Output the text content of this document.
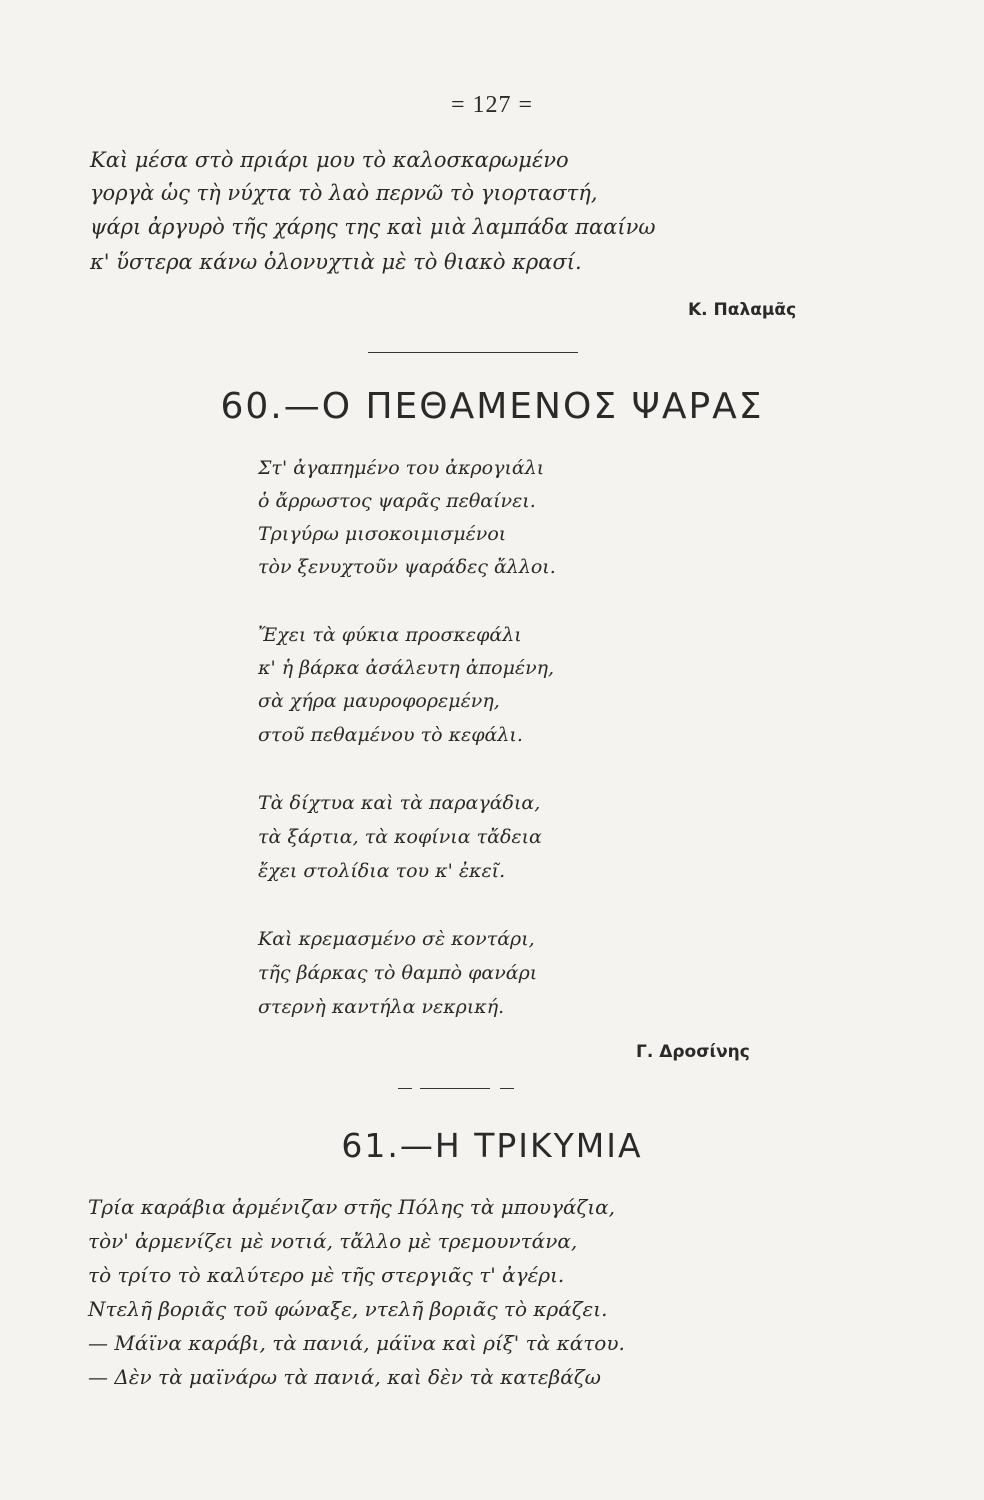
= 127 =
Καὶ μέσα στὸ πριάρι μου τὸ καλοσκαρωμένο
γοργὰ ὡς τὴ νύχτα τὸ λαὸ περνῶ τὸ γιορταστή,
ψάρι ἀργυρὸ τῆς χάρης της καὶ μιὰ λαμπάδα πααίνω
κ' ὕστερα κάνω ὁλονυχτιὰ μὲ τὸ θιακὸ κρασί.
Κ. Παλαμᾶς
60.—Ο ΠΕΘΑΜΕΝΟΣ ΨΑΡΑΣ
Στ' ἀγαπημένο του ἀκρογιάλι
ὁ ἄρρωστος ψαρᾶς πεθαίνει.
Τριγύρω μισοκοιμισμένοι
τὸν ξενυχτοῦν ψαράδες ἄλλοι.
Ἔχει τὰ φύκια προσκεφάλι
κ' ἡ βάρκα ἀσάλευτη ἀπομένη,
σὰ χήρα μαυροφορεμένη,
στοῦ πεθαμένου τὸ κεφάλι.
Τὰ δίχτυα καὶ τὰ παραγάδια,
τὰ ξάρτια, τὰ κοφίνια τἄδεια
ἔχει στολίδια του κ' ἐκεῖ.
Καὶ κρεμασμένο σὲ κοντάρι,
τῆς βάρκας τὸ θαμπὸ φανάρι
στερνὴ καντήλα νεκρική.
Γ. Δροσίνης
61.—Η ΤΡΙΚΥΜΙΑ
Τρία καράβια ἀρμένιζαν στῆς Πόλης τὰ μπουγάζια,
τὸν' ἀρμενίζει μὲ νοτιά, τἄλλο μὲ τρεμουντάνα,
τὸ τρίτο τὸ καλύτερο μὲ τῆς στεργιᾶς τ' ἀγέρι.
Ντελῆ βοριᾶς τοῦ φώναξε, ντελῆ βοριᾶς τὸ κράζει.
— Μάϊνα καράβι, τὰ πανιά, μάϊνα καὶ ρίξ' τὰ κάτου.
— Δὲν τὰ μαϊνάρω τὰ πανιά, καὶ δὲν τὰ κατεβάζω
